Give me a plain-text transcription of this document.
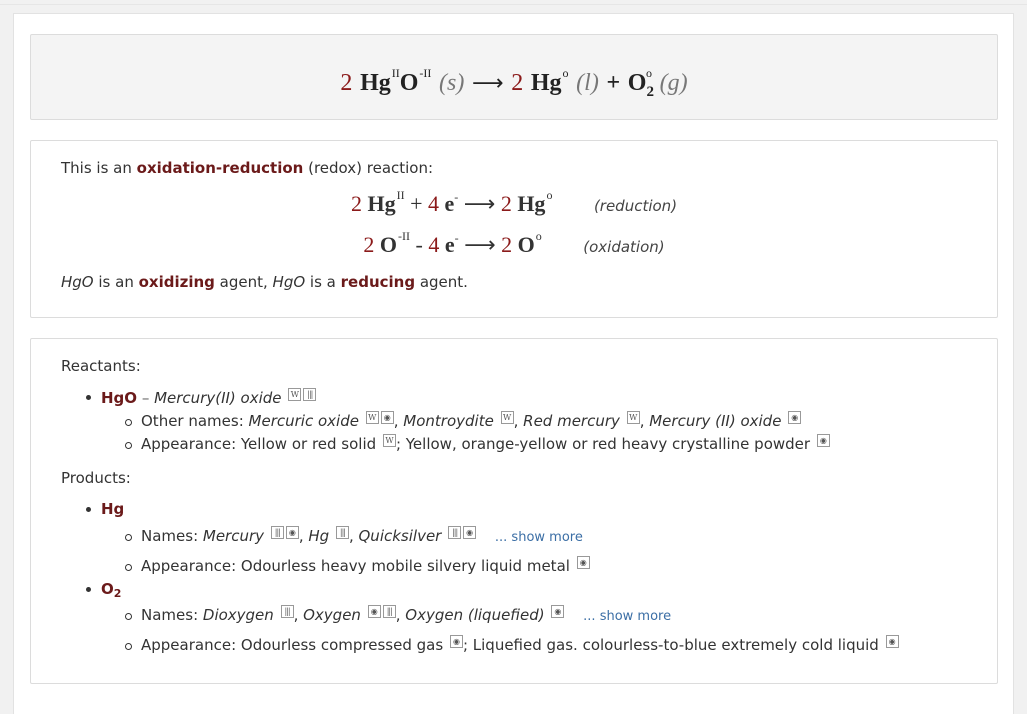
2 $Hg^{II}O^{-II}$ (s) ⟶ 2 Hg$^o$ $(l) + O_2^o$ (g)
This is an oxidation-reduction (redox) reaction:
2 $Hg^{II} + 4$ e- ⟶ 2 Hg$^o$ (reduction)
2 $O^{-II} - 4$ e- ⟶ 2 $O^o$ (oxidation)
HgO is an oxidizing agent, HgO is a reducing agent.
Reactants:
HgO – Mercury(II) oxide W |||
Other names: Mercuric oxide W ◉ , Montroydite W , Red mercury W , Mercury (II) oxide ◉
Appearance: Yellow or red solid W ; Yellow, orange-yellow or red heavy crystalline powder ◉
Products:
Hg
Names: Mercury ||| ◉ , Hg ||| , Quicksilver ||| ◉ ... show more
Appearance: Odourless heavy mobile silvery liquid metal ◉
$O_2$
Names: Dioxygen ||| , Oxygen ◉ ||| , Oxygen (liquefied) ◉ ... show more
Appearance: Odourless compressed gas ◉ ; Liquefied gas. colourless-to-blue extremely cold liquid ◉
